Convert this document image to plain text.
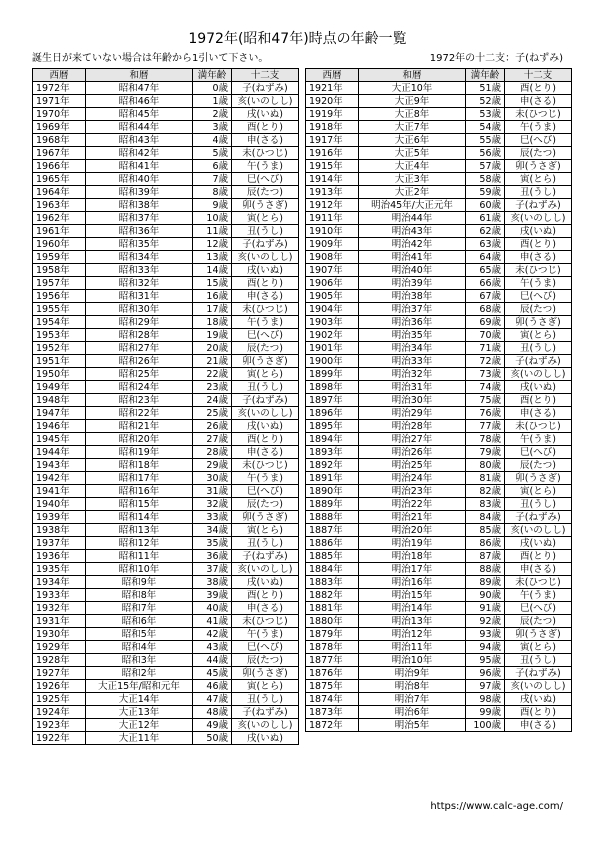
1972年(昭和47年)時点の年齢一覧
誕生日が来ていない場合は年齢から1引いて下さい。	1972年の十二支：子(ねずみ)
西暦	和暦	満年齢	十二支
1972年	昭和47年	0歳	子(ねずみ)
1971年	昭和46年	1歳	亥(いのしし)
1970年	昭和45年	2歳	戌(いぬ)
1969年	昭和44年	3歳	酉(とり)
1968年	昭和43年	4歳	申(さる)
1967年	昭和42年	5歳	未(ひつじ)
1966年	昭和41年	6歳	午(うま)
1965年	昭和40年	7歳	巳(へび)
1964年	昭和39年	8歳	辰(たつ)
1963年	昭和38年	9歳	卯(うさぎ)
1962年	昭和37年	10歳	寅(とら)
1961年	昭和36年	11歳	丑(うし)
1960年	昭和35年	12歳	子(ねずみ)
1959年	昭和34年	13歳	亥(いのしし)
1958年	昭和33年	14歳	戌(いぬ)
1957年	昭和32年	15歳	酉(とり)
1956年	昭和31年	16歳	申(さる)
1955年	昭和30年	17歳	未(ひつじ)
1954年	昭和29年	18歳	午(うま)
1953年	昭和28年	19歳	巳(へび)
1952年	昭和27年	20歳	辰(たつ)
1951年	昭和26年	21歳	卯(うさぎ)
1950年	昭和25年	22歳	寅(とら)
1949年	昭和24年	23歳	丑(うし)
1948年	昭和23年	24歳	子(ねずみ)
1947年	昭和22年	25歳	亥(いのしし)
1946年	昭和21年	26歳	戌(いぬ)
1945年	昭和20年	27歳	酉(とり)
1944年	昭和19年	28歳	申(さる)
1943年	昭和18年	29歳	未(ひつじ)
1942年	昭和17年	30歳	午(うま)
1941年	昭和16年	31歳	巳(へび)
1940年	昭和15年	32歳	辰(たつ)
1939年	昭和14年	33歳	卯(うさぎ)
1938年	昭和13年	34歳	寅(とら)
1937年	昭和12年	35歳	丑(うし)
1936年	昭和11年	36歳	子(ねずみ)
1935年	昭和10年	37歳	亥(いのしし)
1934年	昭和9年	38歳	戌(いぬ)
1933年	昭和8年	39歳	酉(とり)
1932年	昭和7年	40歳	申(さる)
1931年	昭和6年	41歳	未(ひつじ)
1930年	昭和5年	42歳	午(うま)
1929年	昭和4年	43歳	巳(へび)
1928年	昭和3年	44歳	辰(たつ)
1927年	昭和2年	45歳	卯(うさぎ)
1926年	大正15年/昭和元年	46歳	寅(とら)
1925年	大正14年	47歳	丑(うし)
1924年	大正13年	48歳	子(ねずみ)
1923年	大正12年	49歳	亥(いのしし)
1922年	大正11年	50歳	戌(いぬ)
西暦	和暦	満年齢	十二支
1921年	大正10年	51歳	酉(とり)
1920年	大正9年	52歳	申(さる)
1919年	大正8年	53歳	未(ひつじ)
1918年	大正7年	54歳	午(うま)
1917年	大正6年	55歳	巳(へび)
1916年	大正5年	56歳	辰(たつ)
1915年	大正4年	57歳	卯(うさぎ)
1914年	大正3年	58歳	寅(とら)
1913年	大正2年	59歳	丑(うし)
1912年	明治45年/大正元年	60歳	子(ねずみ)
1911年	明治44年	61歳	亥(いのしし)
1910年	明治43年	62歳	戌(いぬ)
1909年	明治42年	63歳	酉(とり)
1908年	明治41年	64歳	申(さる)
1907年	明治40年	65歳	未(ひつじ)
1906年	明治39年	66歳	午(うま)
1905年	明治38年	67歳	巳(へび)
1904年	明治37年	68歳	辰(たつ)
1903年	明治36年	69歳	卯(うさぎ)
1902年	明治35年	70歳	寅(とら)
1901年	明治34年	71歳	丑(うし)
1900年	明治33年	72歳	子(ねずみ)
1899年	明治32年	73歳	亥(いのしし)
1898年	明治31年	74歳	戌(いぬ)
1897年	明治30年	75歳	酉(とり)
1896年	明治29年	76歳	申(さる)
1895年	明治28年	77歳	未(ひつじ)
1894年	明治27年	78歳	午(うま)
1893年	明治26年	79歳	巳(へび)
1892年	明治25年	80歳	辰(たつ)
1891年	明治24年	81歳	卯(うさぎ)
1890年	明治23年	82歳	寅(とら)
1889年	明治22年	83歳	丑(うし)
1888年	明治21年	84歳	子(ねずみ)
1887年	明治20年	85歳	亥(いのしし)
1886年	明治19年	86歳	戌(いぬ)
1885年	明治18年	87歳	酉(とり)
1884年	明治17年	88歳	申(さる)
1883年	明治16年	89歳	未(ひつじ)
1882年	明治15年	90歳	午(うま)
1881年	明治14年	91歳	巳(へび)
1880年	明治13年	92歳	辰(たつ)
1879年	明治12年	93歳	卯(うさぎ)
1878年	明治11年	94歳	寅(とら)
1877年	明治10年	95歳	丑(うし)
1876年	明治9年	96歳	子(ねずみ)
1875年	明治8年	97歳	亥(いのしし)
1874年	明治7年	98歳	戌(いぬ)
1873年	明治6年	99歳	酉(とり)
1872年	明治5年	100歳	申(さる)
https://www.calc-age.com/
